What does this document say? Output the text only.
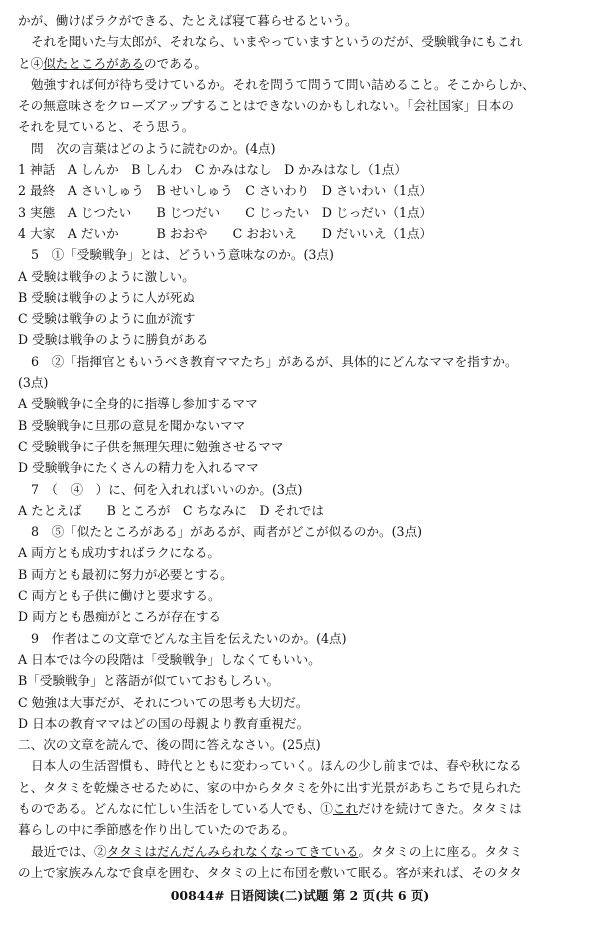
かが、働けばラクができる、たとえば寝て暮らせるという。
それを聞いた与太郎が、それなら、いまやっていますというのだが、受験戦争にもこれ
と④似たところがあるのである。
勉強すれば何が待ち受けているか。それを問うて問うて問い詰めること。そこからしか、
その無意味さをクローズアップすることはできないのかもしれない。「会社国家」日本の
それを見ていると、そう思う。
問　次の言葉はどのように読むのか。(4点)
1 神話　A しんか　B しんわ　C かみはなし　D かみはなし（1点）
2 最終　A さいしゅう　B せいしゅう　C さいわり　D さいわい（1点）
3 実態　A じつたい　　B じつだい　　C じったい　D じっだい（1点）
4 大家　A だいか　　　B おおや　　C おおいえ　　D だいいえ（1点）
5　①「受験戦争」とは、どういう意味なのか。(3点)
A 受験は戦争のように激しい。
B 受験は戦争のように人が死ぬ
C 受験は戦争のように血が流す
D 受験は戦争のように勝負がある
6　②「指揮官ともいうべき教育ママたち」があるが、具体的にどんなママを指すか。
(3点)
A 受験戦争に全身的に指導し参加するママ
B 受験戦争に旦那の意見を聞かないママ
C 受験戦争に子供を無理矢理に勉強させるママ
D 受験戦争にたくさんの精力を入れるママ
7　（　④　）に、何を入れればいいのか。(3点)
A たとえば　　B ところが　C ちなみに　D それでは
8　⑤「似たところがある」があるが、両者がどこが似るのか。(3点)
A 両方とも成功すればラクになる。
B 両方とも最初に努力が必要とする。
C 両方とも子供に働けと要求する。
D 両方とも愚痴がところが存在する
9　作者はこの文章でどんな主旨を伝えたいのか。(4点)
A 日本では今の段階は「受験戦争」しなくてもいい。
B「受験戦争」と落語が似ていておもしろい。
C 勉強は大事だが、それについての思考も大切だ。
D 日本の教育ママはどの国の母親より教育重視だ。
二、次の文章を読んで、後の問に答えなさい。(25点)
日本人の生活習慣も、時代とともに変わっていく。ほんの少し前までは、春や秋になる
と、タタミを乾燥させるために、家の中からタタミを外に出す光景があちこちで見られた
ものである。どんなに忙しい生活をしている人でも、①これだけを続けてきた。タタミは
暮らしの中に季節感を作り出していたのである。
最近では、②タタミはだんだんみられなくなってきている。タタミの上に座る。タタミ
の上で家族みんなで食卓を囲む、タタミの上に布団を敷いて眠る。客が来れば、そのタタ
00844# 日语阅读(二)试题 第 2 页(共 6 页)
